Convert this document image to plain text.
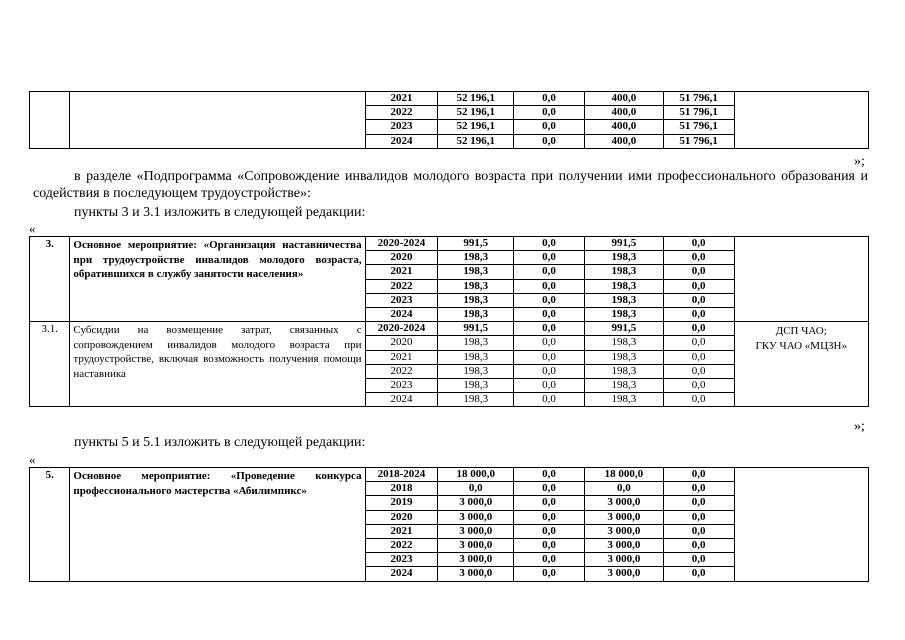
		2021	52 196,1	0,0	400,0	51 796,1	
		2022	52 196,1	0,0	400,0	51 796,1	
		2023	52 196,1	0,0	400,0	51 796,1	
		2024	52 196,1	0,0	400,0	51 796,1	
»;
в разделе «Подпрограмма «Сопровождение инвалидов молодого возраста при получении ими профессионального образования и содействия в последующем трудоустройстве»:
пункты 3 и 3.1 изложить в следующей редакции:
«
3.	Основное мероприятие: «Организация наставничества при трудоустройстве инвалидов молодого возраста, обратившихся в службу занятости населения»	2020-2024	991,5	0,0	991,5	0,0	
		2020	198,3	0,0	198,3	0,0	
		2021	198,3	0,0	198,3	0,0	
		2022	198,3	0,0	198,3	0,0	
		2023	198,3	0,0	198,3	0,0	
		2024	198,3	0,0	198,3	0,0	
3.1.	Субсидии на возмещение затрат, связанных с сопровождением инвалидов молодого возраста при трудоустройстве, включая возможность получения помощи наставника	2020-2024	991,5	0,0	991,5	0,0	ДСП ЧАО;
ГКУ ЧАО «МЦЗН»

		2020	198,3	0,0	198,3	0,0	
		2021	198,3	0,0	198,3	0,0	
		2022	198,3	0,0	198,3	0,0	
		2023	198,3	0,0	198,3	0,0	
		2024	198,3	0,0	198,3	0,0	
»;
пункты 5 и 5.1 изложить в следующей редакции:
«
5.	Основное мероприятие: «Проведение конкурса профессионального мастерства «Абилимпикс»	2018-2024	18 000,0	0,0	18 000,0	0,0	
		2018	0,0	0,0	0,0	0,0	
		2019	3 000,0	0,0	3 000,0	0,0	
		2020	3 000,0	0,0	3 000,0	0,0	
		2021	3 000,0	0,0	3 000,0	0,0	
		2022	3 000,0	0,0	3 000,0	0,0	
		2023	3 000,0	0,0	3 000,0	0,0	
		2024	3 000,0	0,0	3 000,0	0,0	
